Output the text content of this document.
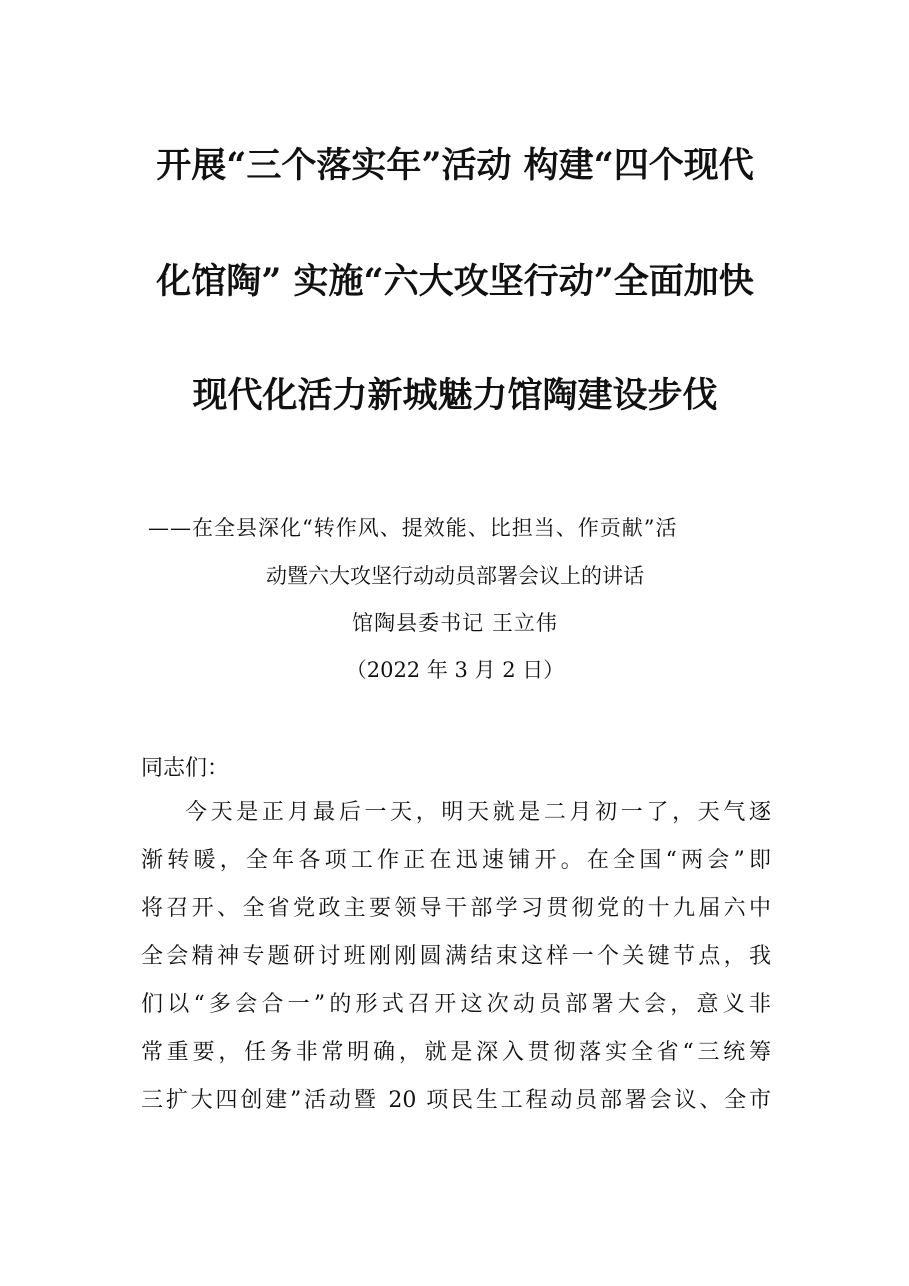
开展“三个落实年”活动 构建“四个现代
化馆陶” 实施“六大攻坚行动”全面加快
现代化活力新城魅力馆陶建设步伐
——在全县深化“转作风、提效能、比担当、作贡献”活
动暨六大攻坚行动动员部署会议上的讲话
馆陶县委书记 王立伟
（2022 年 3 月 2 日）
同志们：
今天是正月最后一天，明天就是二月初一了，天气逐
渐转暖，全年各项工作正在迅速铺开。在全国“两会”即
将召开、全省党政主要领导干部学习贯彻党的十九届六中
全会精神专题研讨班刚刚圆满结束这样一个关键节点，我
们以“多会合一”的形式召开这次动员部署大会，意义非
常重要，任务非常明确，就是深入贯彻落实全省“三统筹
三扩大四创建”活动暨 20 项民生工程动员部署会议、全市
